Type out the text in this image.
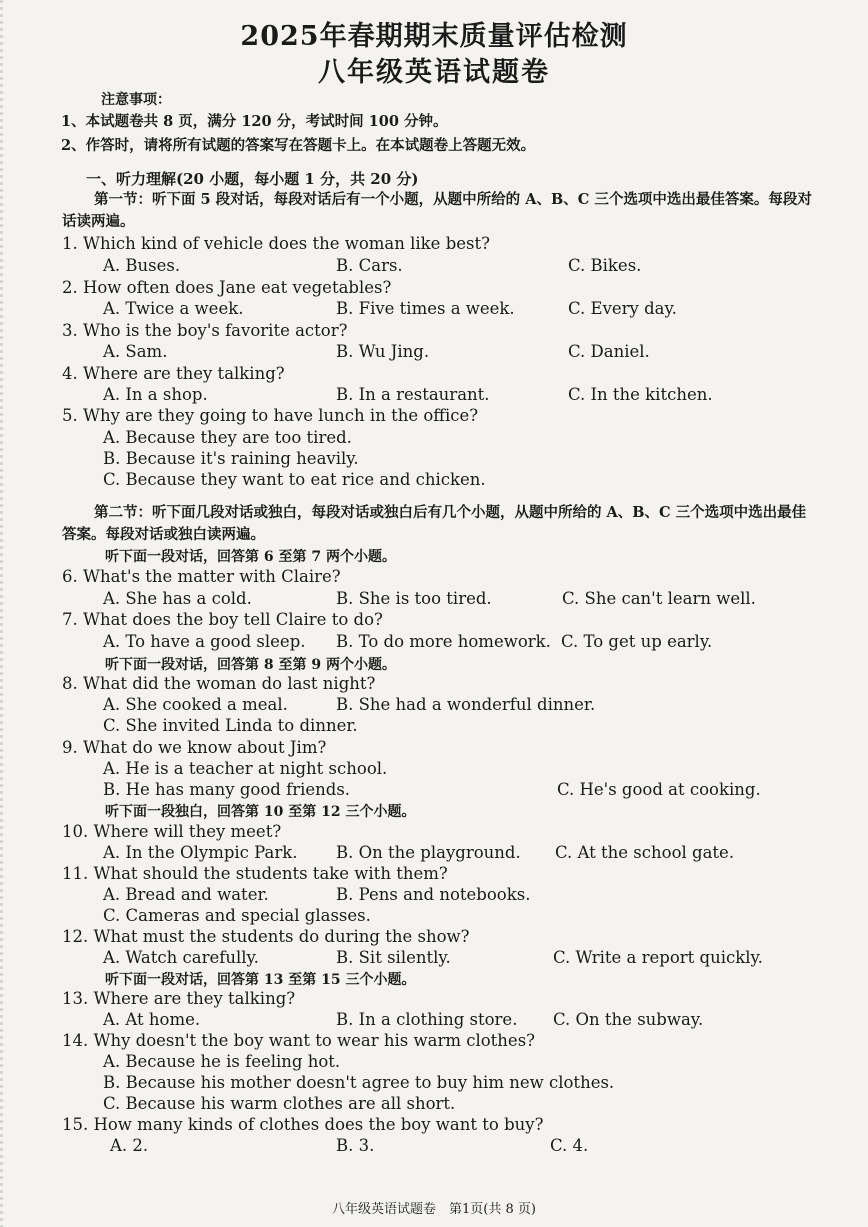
2025年春期期末质量评估检测
八年级英语试题卷
注意事项：
1、本试题卷共 8 页，满分 120 分，考试时间 100 分钟。
2、作答时，请将所有试题的答案写在答题卡上。在本试题卷上答题无效。
一、听力理解(20 小题，每小题 1 分，共 20 分)
第一节：听下面 5 段对话，每段对话后有一个小题，从题中所给的 A、B、C 三个选项中选出最佳答案。每段对话读两遍。
1. Which kind of vehicle does the woman like best?
A. Buses.	B. Cars.	C. Bikes.
2. How often does Jane eat vegetables?
A. Twice a week.	B. Five times a week.	C. Every day.
3. Who is the boy's favorite actor?
A. Sam.	B. Wu Jing.	C. Daniel.
4. Where are they talking?
A. In a shop.	B. In a restaurant.	C. In the kitchen.
5. Why are they going to have lunch in the office?
A. Because they are too tired.
B. Because it's raining heavily.
C. Because they want to eat rice and chicken.
第二节：听下面几段对话或独白，每段对话或独白后有几个小题，从题中所给的 A、B、C 三个选项中选出最佳答案。每段对话或独白读两遍。
听下面一段对话，回答第 6 至第 7 两个小题。
6. What's the matter with Claire?
A. She has a cold.	B. She is too tired.	C. She can't learn well.
7. What does the boy tell Claire to do?
A. To have a good sleep. B. To do more homework. C. To get up early.
听下面一段对话，回答第 8 至第 9 两个小题。
8. What did the woman do last night?
A. She cooked a meal.	B. She had a wonderful dinner.
C. She invited Linda to dinner.
9. What do we know about Jim?
A. He is a teacher at night school.
B. He has many good friends.	C. He's good at cooking.
听下面一段独白，回答第 10 至第 12 三个小题。
10. Where will they meet?
A. In the Olympic Park. B. On the playground. C. At the school gate.
11. What should the students take with them?
A. Bread and water.	B. Pens and notebooks.
C. Cameras and special glasses.
12. What must the students do during the show?
A. Watch carefully.	B. Sit silently.	C. Write a report quickly.
听下面一段对话，回答第 13 至第 15 三个小题。
13. Where are they talking?
A. At home.	B. In a clothing store. C. On the subway.
14. Why doesn't the boy want to wear his warm clothes?
A. Because he is feeling hot.
B. Because his mother doesn't agree to buy him new clothes.
C. Because his warm clothes are all short.
15. How many kinds of clothes does the boy want to buy?
A. 2.	B. 3.	C. 4.
八年级英语试题卷　第1页(共 8 页)
